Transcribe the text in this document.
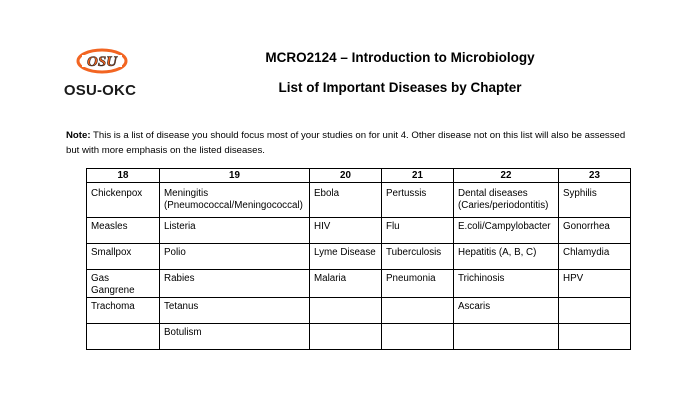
OSU
OSU-OKC
MCRO2124 – Introduction to Microbiology
List of Important Diseases by Chapter
Note: This is a list of disease you should focus most of your studies on for unit 4. Other disease not on this list will also be assessed but with more emphasis on the listed diseases.
18	19	20	21	22	23
Chickenpox	Meningitis (Pneumococcal/Meningococcal)	Ebola	Pertussis	Dental diseases (Caries/periodontitis)	Syphilis
Measles	Listeria	HIV	Flu	E.coli/Campylobacter	Gonorrhea
Smallpox	Polio	Lyme Disease	Tuberculosis	Hepatitis (A, B, C)	Chlamydia
Gas Gangrene	Rabies	Malaria	Pneumonia	Trichinosis	HPV
Trachoma	Tetanus			Ascaris	
	Botulism				
